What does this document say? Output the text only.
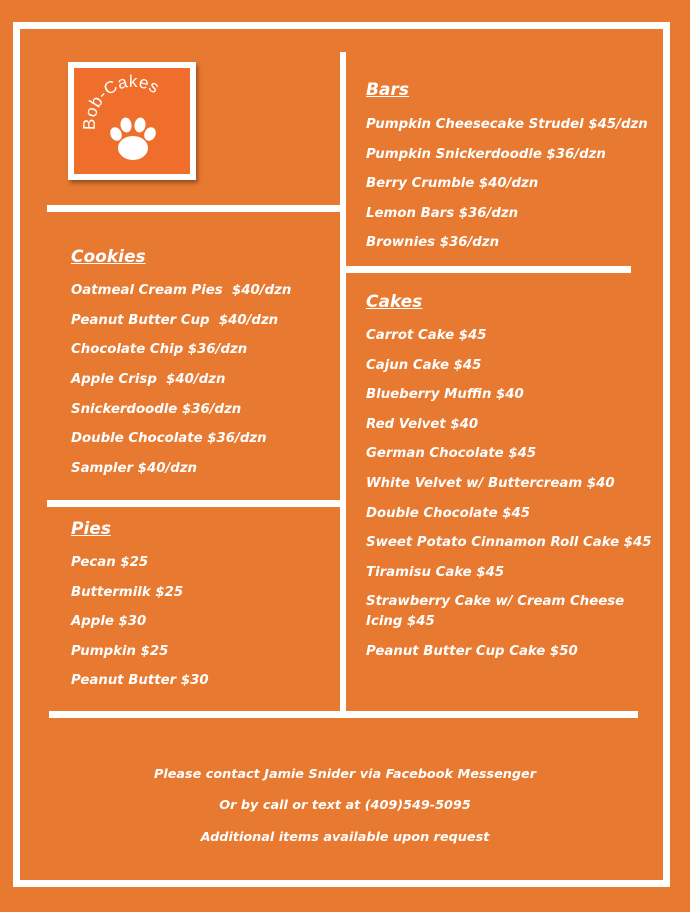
Bob-Cakes	Bars
Pumpkin Cheesecake Strudel $45/dzn
Pumpkin Snickerdoodle $36/dzn
Berry Crumble $40/dzn
Lemon Bars $36/dzn
Brownies $36/dzn
Cookies
Oatmeal Cream Pies  $40/dzn
Peanut Butter Cup  $40/dzn
Chocolate Chip $36/dzn
Apple Crisp  $40/dzn
Snickerdoodle $36/dzn
Double Chocolate $36/dzn
Sampler $40/dzn
Cakes
Carrot Cake $45
Cajun Cake $45
Blueberry Muffin $40
Red Velvet $40
German Chocolate $45
White Velvet w/ Buttercream $40
Double Chocolate $45
Sweet Potato Cinnamon Roll Cake $45
Tiramisu Cake $45
Strawberry Cake w/ Cream Cheese
Icing $45
Peanut Butter Cup Cake $50
Pies
Pecan $25
Buttermilk $25
Apple $30
Pumpkin $25
Peanut Butter $30
Please contact Jamie Snider via Facebook Messenger
Or by call or text at (409)549-5095
Additional items available upon request
